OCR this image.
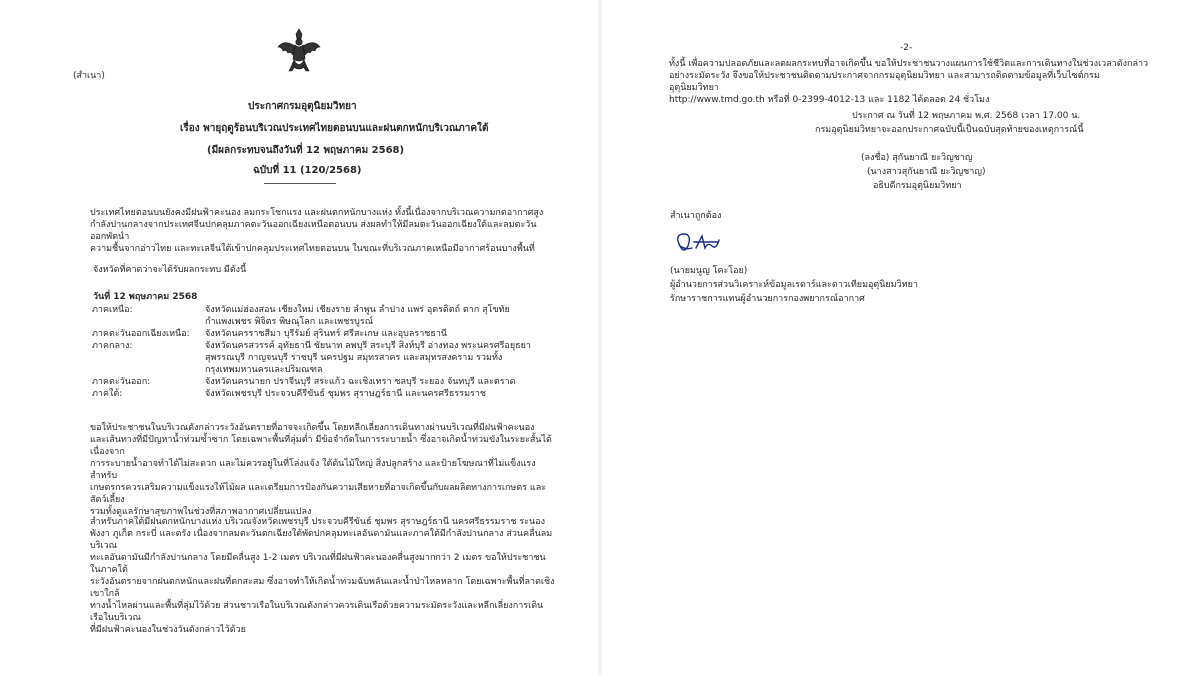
(สำเนา)
ประกาศกรมอุตุนิยมวิทยา
เรื่อง พายุฤดูร้อนบริเวณประเทศไทยตอนบนและฝนตกหนักบริเวณภาคใต้
(มีผลกระทบจนถึงวันที่ 12 พฤษภาคม 2568)
ฉบับที่ 11 (120/2568)

ประเทศไทยตอนบนยังคงมีฝนฟ้าคะนอง ลมกระโชกแรง และฝนตกหนักบางแห่ง ทั้งนี้เนื่องจากบริเวณความกดอากาศสูง

กำลังปานกลางจากประเทศจีนปกคลุมภาคตะวันออกเฉียงเหนือตอนบน ส่งผลทำให้มีลมตะวันออกเฉียงใต้และลมตะวันออกพัดนำ

ความชื้นจากอ่าวไทย และทะเลจีนใต้เข้าปกคลุมประเทศไทยตอนบน ในขณะที่บริเวณภาคเหนือมีอากาศร้อนบางพื้นที่

จังหวัดที่คาดว่าจะได้รับผลกระทบ มีดังนี้
วันที่ 12 พฤษภาคม 2568
ภาคเหนือ:	จังหวัดแม่ฮ่องสอน เชียงใหม่ เชียงราย ลำพูน ลำปาง แพร่ อุตรดิตถ์ ตาก สุโขทัย กำแพงเพชร พิจิตร พิษณุโลก และเพชรบูรณ์
ภาคตะวันออกเฉียงเหนือ:	จังหวัดนครราชสีมา บุรีรัมย์ สุรินทร์ ศรีสะเกษ และอุบลราชธานี
ภาคกลาง:	จังหวัดนครสวรรค์ อุทัยธานี ชัยนาท ลพบุรี สระบุรี สิงห์บุรี อ่างทอง พระนครศรีอยุธยา สุพรรณบุรี กาญจนบุรี ราชบุรี นครปฐม สมุทรสาคร และสมุทรสงคราม รวมทั้งกรุงเทพมหานครและปริมณฑล
ภาคตะวันออก:	จังหวัดนครนายก ปราจีนบุรี สระแก้ว ฉะเชิงเทรา ชลบุรี ระยอง จันทบุรี และตราด
ภาคใต้:	จังหวัดเพชรบุรี ประจวบคีรีขันธ์ ชุมพร สุราษฎร์ธานี และนครศรีธรรมราช

ขอให้ประชาชนในบริเวณดังกล่าวระวังอันตรายที่อาจจะเกิดขึ้น โดยหลีกเลี่ยงการเดินทางผ่านบริเวณที่มีฝนฟ้าคะนอง

และเส้นทางที่มีปัญหาน้ำท่วมซ้ำซาก โดยเฉพาะพื้นที่ลุ่มต่ำ มีข้อจำกัดในการระบายน้ำ ซึ่งอาจเกิดน้ำท่วมขังในระยะสั้นได้ เนื่องจาก

การระบายน้ำอาจทำได้ไม่สะดวก และไม่ควรอยู่ในที่โล่งแจ้ง ใต้ต้นไม้ใหญ่ สิ่งปลูกสร้าง และป้ายโฆษณาที่ไม่แข็งแรง สำหรับ

เกษตรกรควรเสริมความแข็งแรงให้ไม้ผล และเตรียมการป้องกันความเสียหายที่อาจเกิดขึ้นกับผลผลิตทางการเกษตร และสัตว์เลี้ยง

รวมทั้งดูแลรักษาสุขภาพในช่วงที่สภาพอากาศเปลี่ยนแปลง

สำหรับภาคใต้มีฝนตกหนักบางแห่ง บริเวณจังหวัดเพชรบุรี ประจวบคีรีขันธ์ ชุมพร สุราษฎร์ธานี นครศรีธรรมราช ระนอง

พังงา ภูเก็ต กระบี่ และตรัง เนื่องจากลมตะวันตกเฉียงใต้พัดปกคลุมทะเลอันดามันและภาคใต้มีกำลังปานกลาง ส่วนคลื่นลมบริเวณ

ทะเลอันดามันมีกำลังปานกลาง โดยมีคลื่นสูง 1-2 เมตร บริเวณที่มีฝนฟ้าคะนองคลื่นสูงมากกว่า 2 เมตร ขอให้ประชาชนในภาคใต้

ระวังอันตรายจากฝนตกหนักและฝนที่ตกสะสม ซึ่งอาจทำให้เกิดน้ำท่วมฉับพลันและน้ำป่าไหลหลาก โดยเฉพาะพื้นที่ลาดเชิงเขาใกล้

ทางน้ำไหลผ่านและพื้นที่ลุ่มไว้ด้วย ส่วนชาวเรือในบริเวณดังกล่าวควรเดินเรือด้วยความระมัดระวังและหลีกเลี่ยงการเดินเรือในบริเวณ

ที่มีฝนฟ้าคะนองในช่วงวันดังกล่าวไว้ด้วย

-2-

ทั้งนี้ เพื่อความปลอดภัยและลดผลกระทบที่อาจเกิดขึ้น ขอให้ประชาชนวางแผนการใช้ชีวิตและการเดินทางในช่วงเวลาดังกล่าว

อย่างระมัดระวัง จึงขอให้ประชาชนติดตามประกาศจากกรมอุตุนิยมวิทยา และสามารถติดตามข้อมูลที่เว็บไซต์กรมอุตุนิยมวิทยา

http://www.tmd.go.th หรือที่ 0-2399-4012-13 และ 1182 ได้ตลอด 24 ชั่วโมง

ประกาศ ณ วันที่ 12 พฤษภาคม พ.ศ. 2568 เวลา 17.00 น.
กรมอุตุนิยมวิทยาจะออกประกาศฉบับนี้เป็นฉบับสุดท้ายของเหตุการณ์นี้
(ลงชื่อ) สุกันยาณี ยะวิญชาญ
(นางสาวสุกันยาณี ยะวิญชาญ)
อธิบดีกรมอุตุนิยมวิทยา
สำเนาถูกต้อง
(นายมนูญ โคะโอย)
ผู้อำนวยการส่วนวิเคราะห์ข้อมูลเรดาร์และดาวเทียมอุตุนิยมวิทยา
รักษาราชการแทนผู้อำนวยการกองพยากรณ์อากาศ
